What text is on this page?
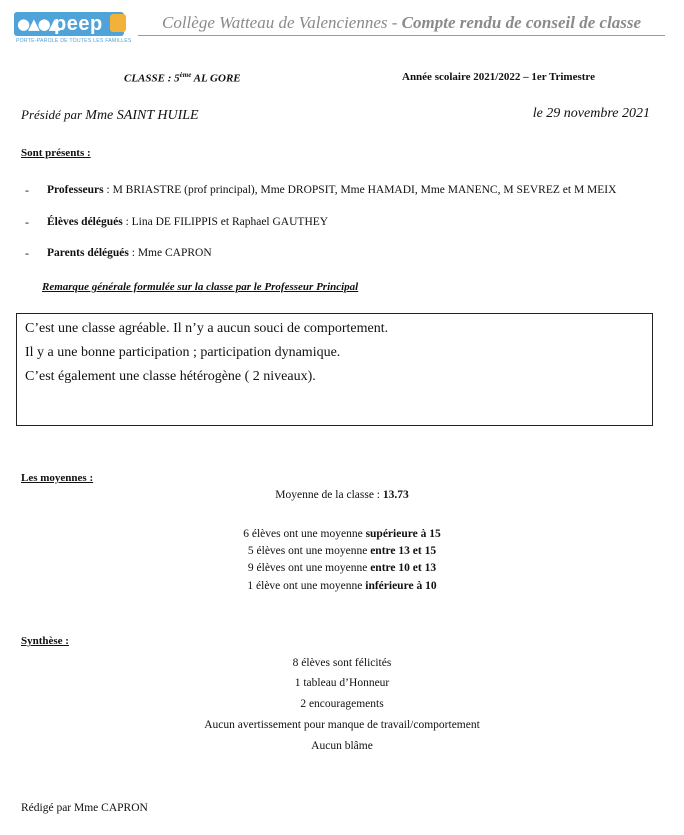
●▲●▲
peep
PORTE-PAROLE DE TOUTES LES FAMILLES
Collège Watteau de Valenciennes - Compte rendu de conseil de classe
CLASSE : 5ème AL GORE	Année scolaire 2021/2022 – 1er Trimestre
Présidé par Mme SAINT HUILE	le 29 novembre 2021
Sont présents :
- Professeurs : M BRIASTRE (prof principal), Mme DROPSIT, Mme HAMADI, Mme MANENC, M SEVREZ et M MEIX
- Élèves délégués : Lina DE FILIPPIS et Raphael GAUTHEY
- Parents délégués : Mme CAPRON
Remarque générale formulée sur la classe par le Professeur Principal
C’est une classe agréable. Il n’y a aucun souci de comportement.
Il y a une bonne participation ; participation dynamique.
C’est également une classe hétérogène ( 2 niveaux).
Les moyennes :
Moyenne de la classe : 13.73
6 élèves ont une moyenne supérieure à 15
5 élèves ont une moyenne entre 13 et 15
9 élèves ont une moyenne entre 10 et 13
1 élève ont une moyenne inférieure à 10
Synthèse :
8 élèves sont félicités
1 tableau d’Honneur
2 encouragements
Aucun avertissement pour manque de travail/comportement
Aucun blâme
Rédigé par Mme CAPRON
